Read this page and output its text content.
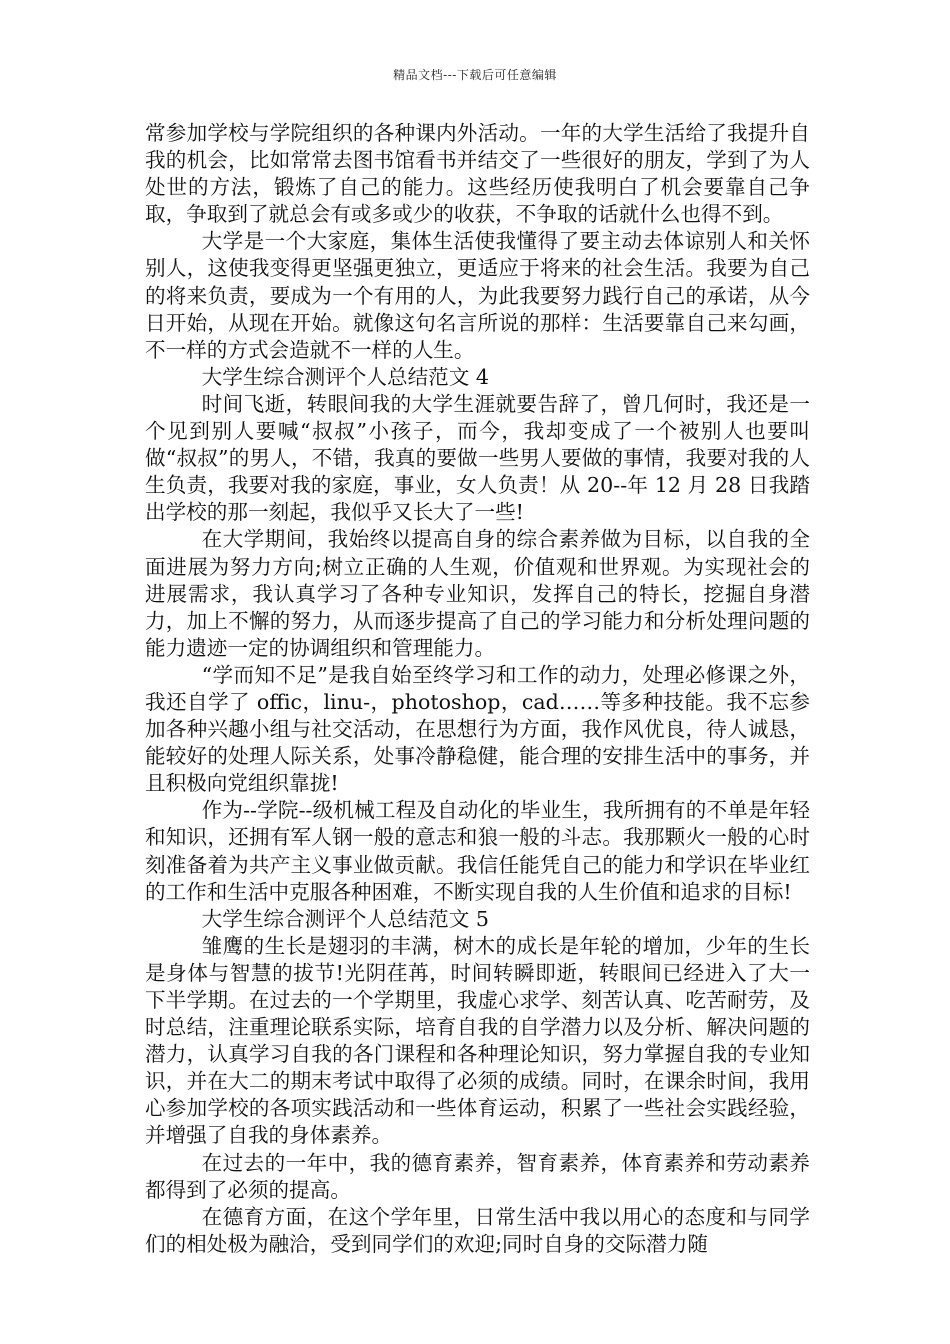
精品文档---下载后可任意编辑

常参加学校与学院组织的各种课内外活动。一年的大学生活给了我提升自我的机会，比如常常去图书馆看书并结交了一些很好的朋友，学到了为人处世的方法，锻炼了自己的能力。这些经历使我明白了机会要靠自己争取，争取到了就总会有或多或少的收获，不争取的话就什么也得不到。

大学是一个大家庭，集体生活使我懂得了要主动去体谅别人和关怀别人，这使我变得更坚强更独立，更适应于将来的社会生活。我要为自己的将来负责，要成为一个有用的人，为此我要努力践行自己的承诺，从今日开始，从现在开始。就像这句名言所说的那样：生活要靠自己来勾画，不一样的方式会造就不一样的人生。

大学生综合测评个人总结范文 4

时间飞逝，转眼间我的大学生涯就要告辞了，曾几何时，我还是一个见到别人要喊“叔叔”小孩子，而今，我却变成了一个被别人也要叫做“叔叔”的男人，不错，我真的要做一些男人要做的事情，我要对我的人生负责，我要对我的家庭，事业，女人负责！从 20--年 12 月 28 日我踏出学校的那一刻起，我似乎又长大了一些!

在大学期间，我始终以提高自身的综合素养做为目标，以自我的全面进展为努力方向;树立正确的人生观，价值观和世界观。为实现社会的进展需求，我认真学习了各种专业知识，发挥自己的特长，挖掘自身潜力，加上不懈的努力，从而逐步提高了自己的学习能力和分析处理问题的能力遗迹一定的协调组织和管理能力。

“学而知不足”是我自始至终学习和工作的动力，处理必修课之外，我还自学了 offic，linu-，photoshop，cad……等多种技能。我不忘参加各种兴趣小组与社交活动，在思想行为方面，我作风优良，待人诚恳，能较好的处理人际关系，处事冷静稳健，能合理的安排生活中的事务，并且积极向党组织靠拢!

作为--学院--级机械工程及自动化的毕业生，我所拥有的不单是年轻和知识，还拥有军人钢一般的意志和狼一般的斗志。我那颗火一般的心时刻准备着为共产主义事业做贡献。我信任能凭自己的能力和学识在毕业红的工作和生活中克服各种困难，不断实现自我的人生价值和追求的目标!

大学生综合测评个人总结范文 5

雏鹰的生长是翅羽的丰满，树木的成长是年轮的增加，少年的生长是身体与智慧的拔节!光阴荏苒，时间转瞬即逝，转眼间已经进入了大一下半学期。在过去的一个学期里，我虚心求学、刻苦认真、吃苦耐劳，及时总结，注重理论联系实际，培育自我的自学潜力以及分析、解决问题的潜力，认真学习自我的各门课程和各种理论知识，努力掌握自我的专业知识，并在大二的期末考试中取得了必须的成绩。同时，在课余时间，我用心参加学校的各项实践活动和一些体育运动，积累了一些社会实践经验，并增强了自我的身体素养。

在过去的一年中，我的德育素养，智育素养，体育素养和劳动素养都得到了必须的提高。

在德育方面，在这个学年里，日常生活中我以用心的态度和与同学们的相处极为融洽，受到同学们的欢迎;同时自身的交际潜力随
